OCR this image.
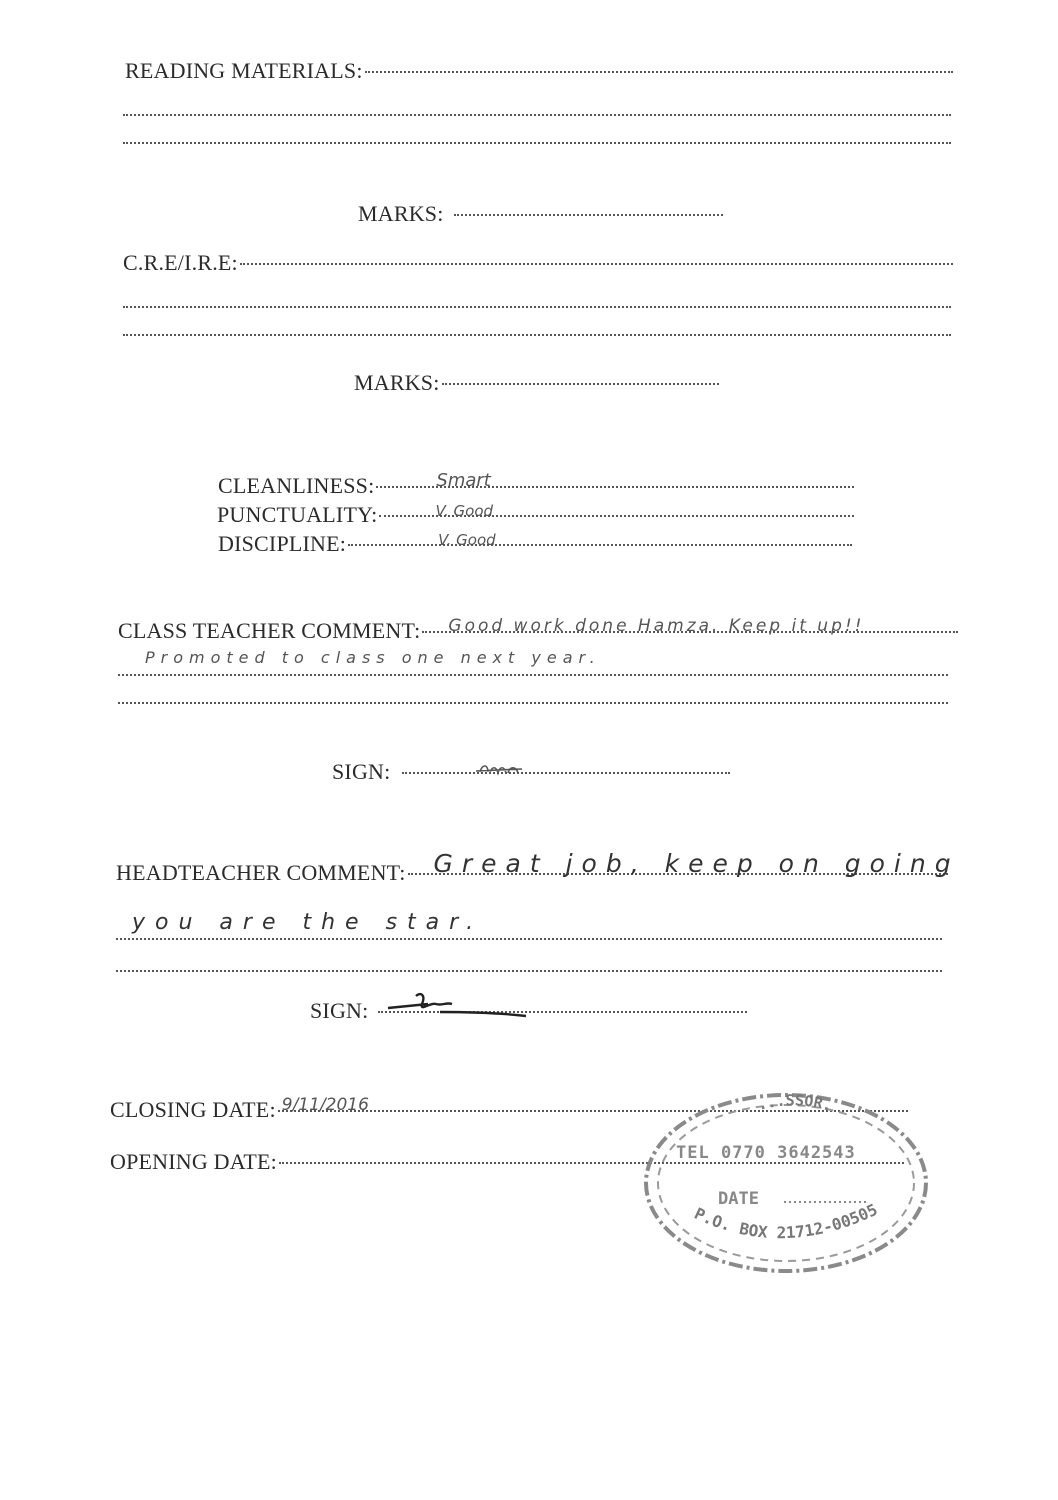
READING MATERIALS:
MARKS:
C.R.E/I.R.E:
MARKS:
CLEANLINESS:	Smart
PUNCTUALITY:	V. Good
DISCIPLINE:	V. Good
CLASS TEACHER COMMENT: Good work done Hamza. Keep it up!!
Promoted to class one next year.
SIGN:
HEADTEACHER COMMENT: Great job, keep on going
you are the star.
SIGN:
CLOSING DATE: 9/11/2016
OPENING DATE:
...SSOR.
TEL 0770 3642543
DATE
P.O. BOX 21712-00505
